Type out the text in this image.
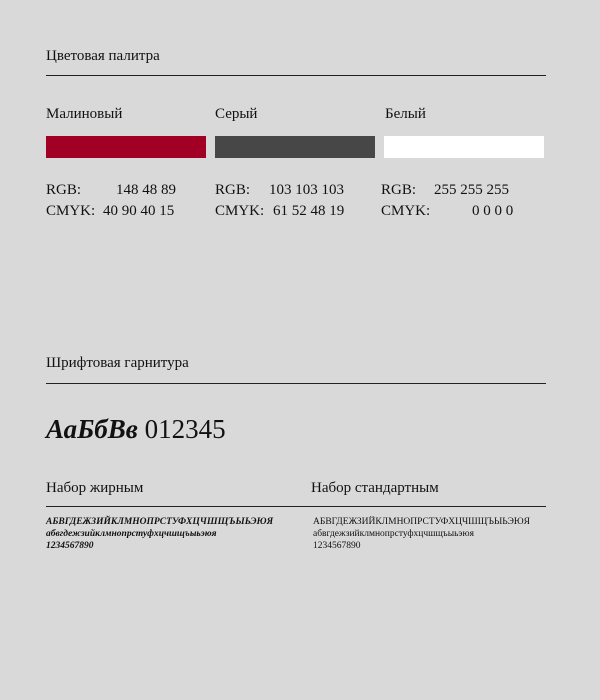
Цветовая палитра
Малиновый
RGB: 148 48 89
CMYK: 40 90 40 15
Серый
RGB: 103 103 103
CMYK: 61 52 48 19
Белый
RGB: 255 255 255
CMYK:	0 0 0 0
Шрифтовая гарнитура
АаБбВв 012345
Набор жирным	Набор стандартным
АБВГДЕЖЗИЙКЛМНОПРСТУФХЦЧШЩЪЫЬЭЮЯ
абвгдежзийклмнопрстуфхцчшщъыьэюя
1234567890
АБВГДЕЖЗИЙКЛМНОПРСТУФХЦЧШЩЪЫЬЭЮЯ
абвгдежзийклмнопрстуфхцчшщъыьэюя
1234567890
